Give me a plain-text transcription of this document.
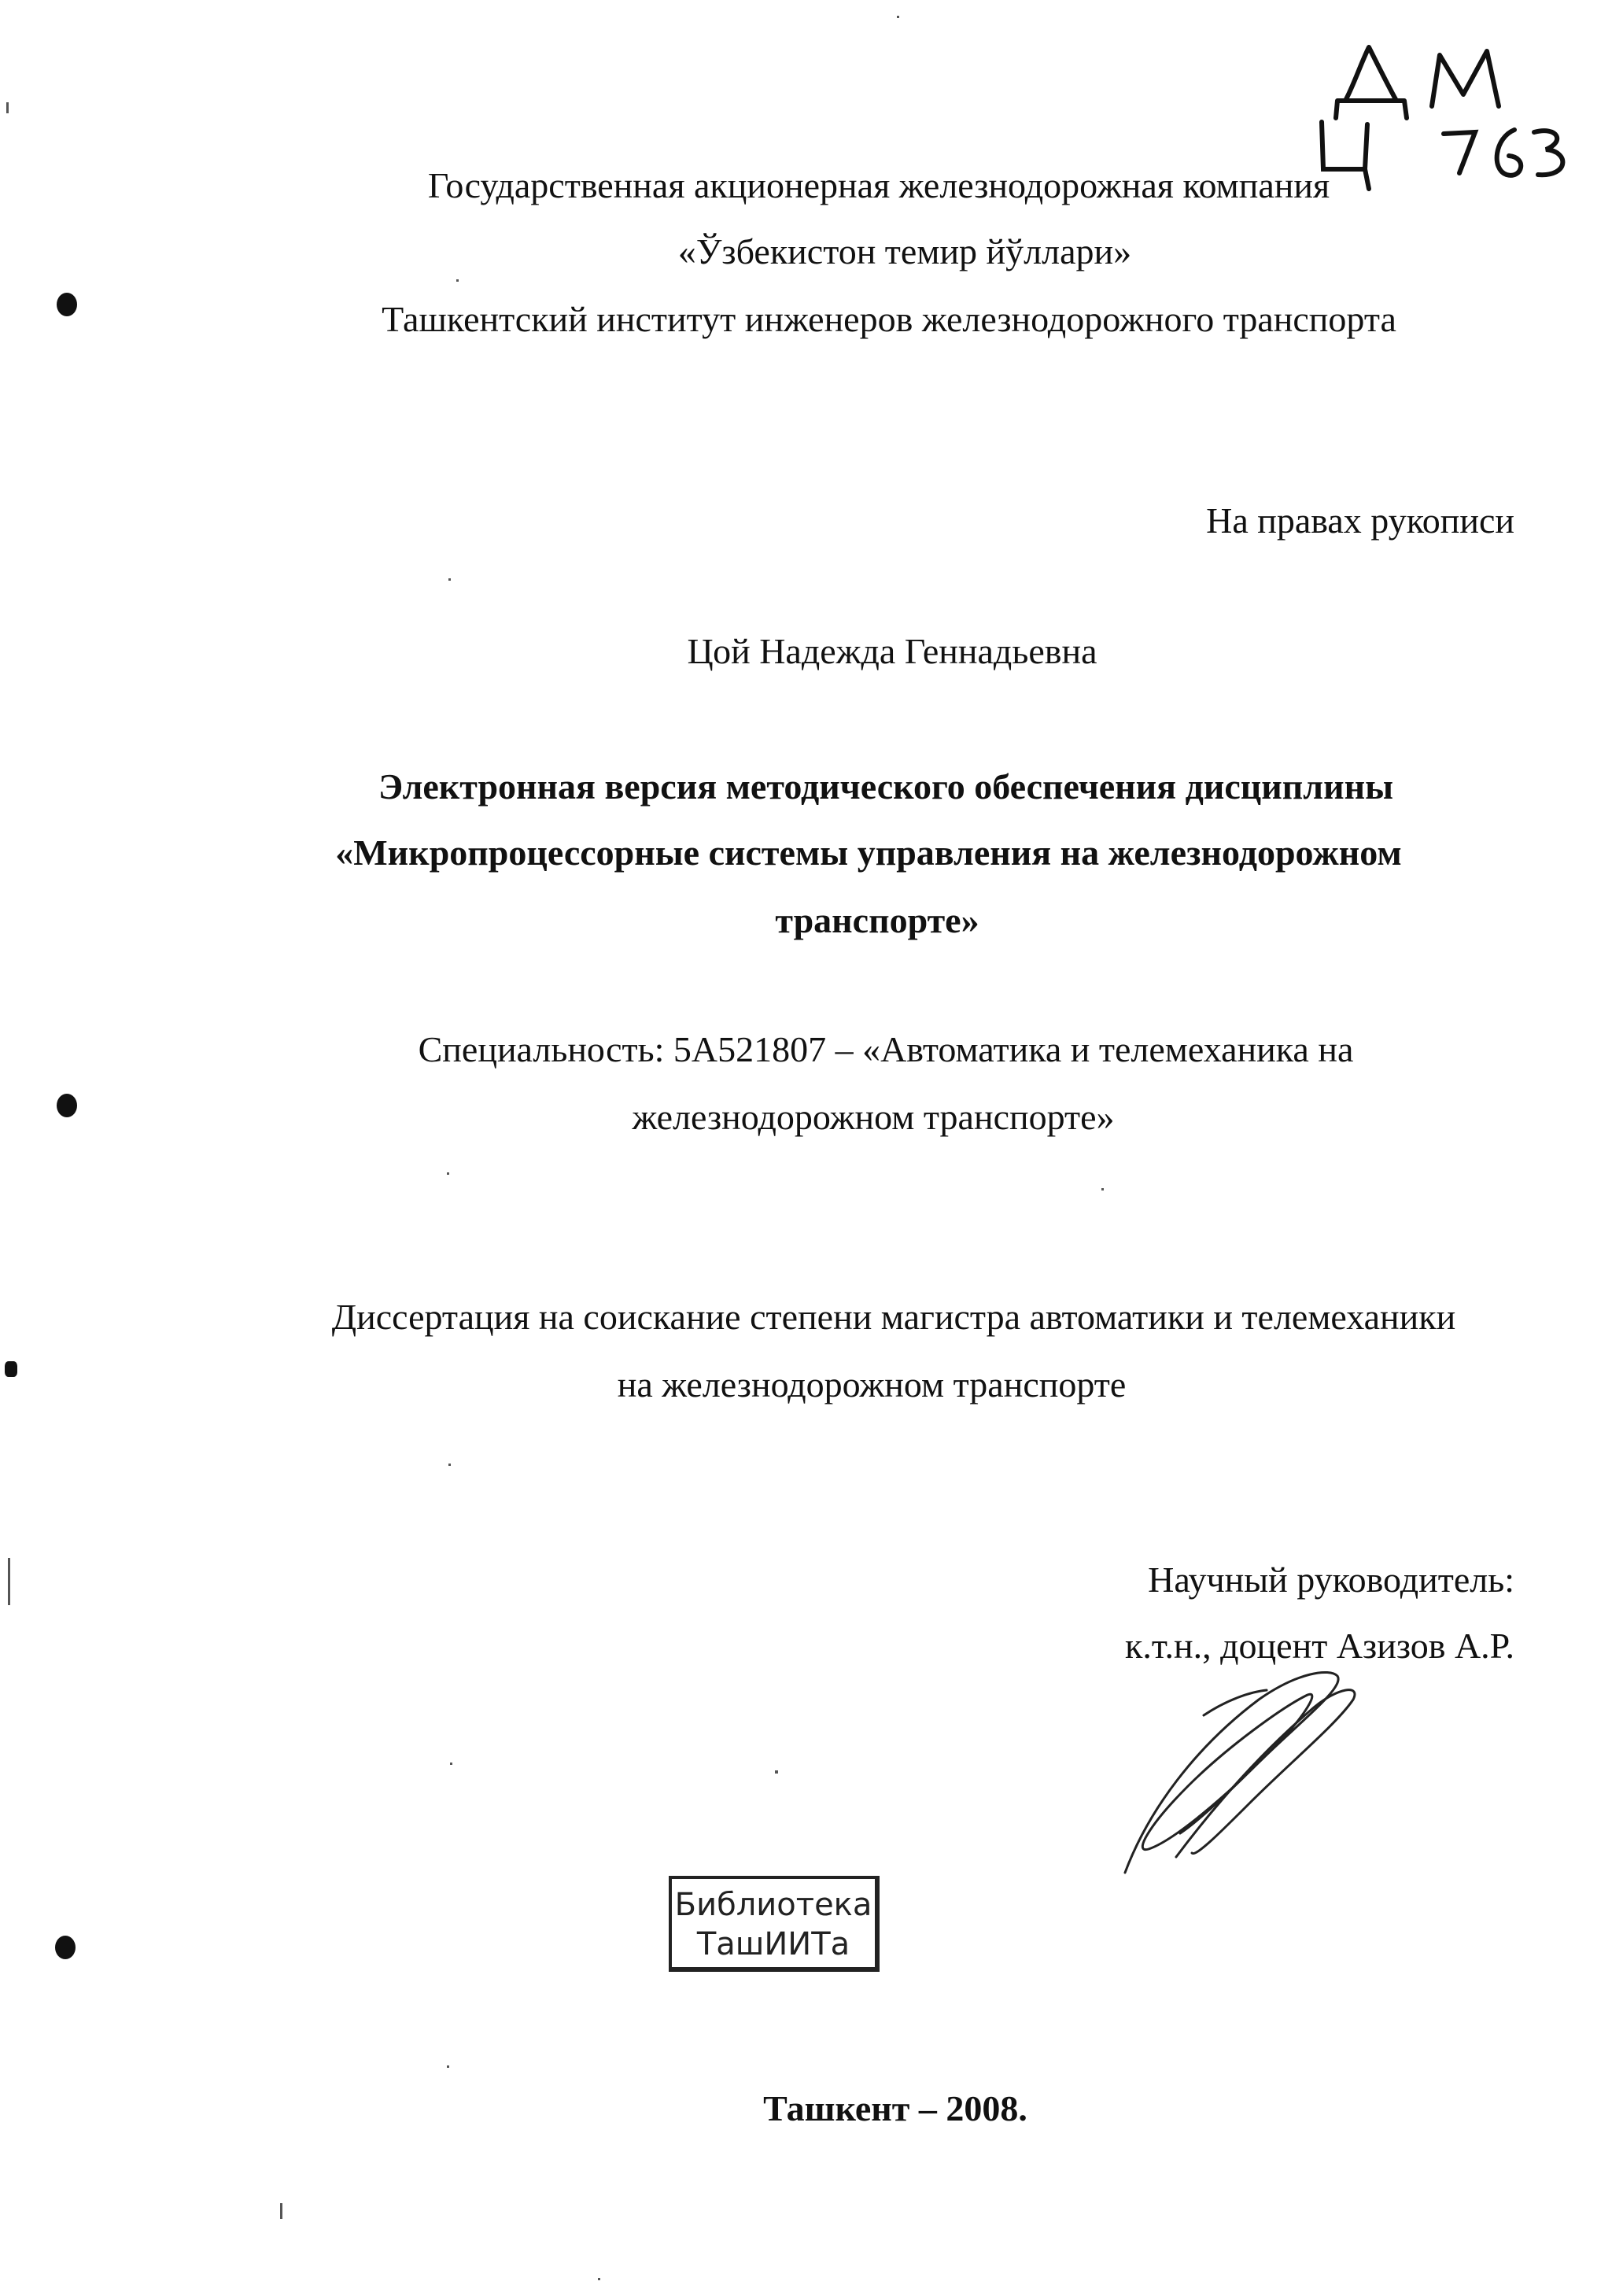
Государственная акционерная железнодорожная компания
«Ўзбекистон темир йўллари»
Ташкентский институт инженеров железнодорожного транспорта
На правах рукописи
Цой Надежда Геннадьевна
Электронная версия методического обеспечения дисциплины
«Микропроцессорные системы управления на железнодорожном
транспорте»
Специальность: 5А521807 – «Автоматика и телемеханика на
железнодорожном транспорте»
Диссертация на соискание степени магистра автоматики и телемеханики
на железнодорожном транспорте
Научный руководитель:
к.т.н., доцент Азизов А.Р.
Библиотека
ТашИИТа
Ташкент – 2008.
